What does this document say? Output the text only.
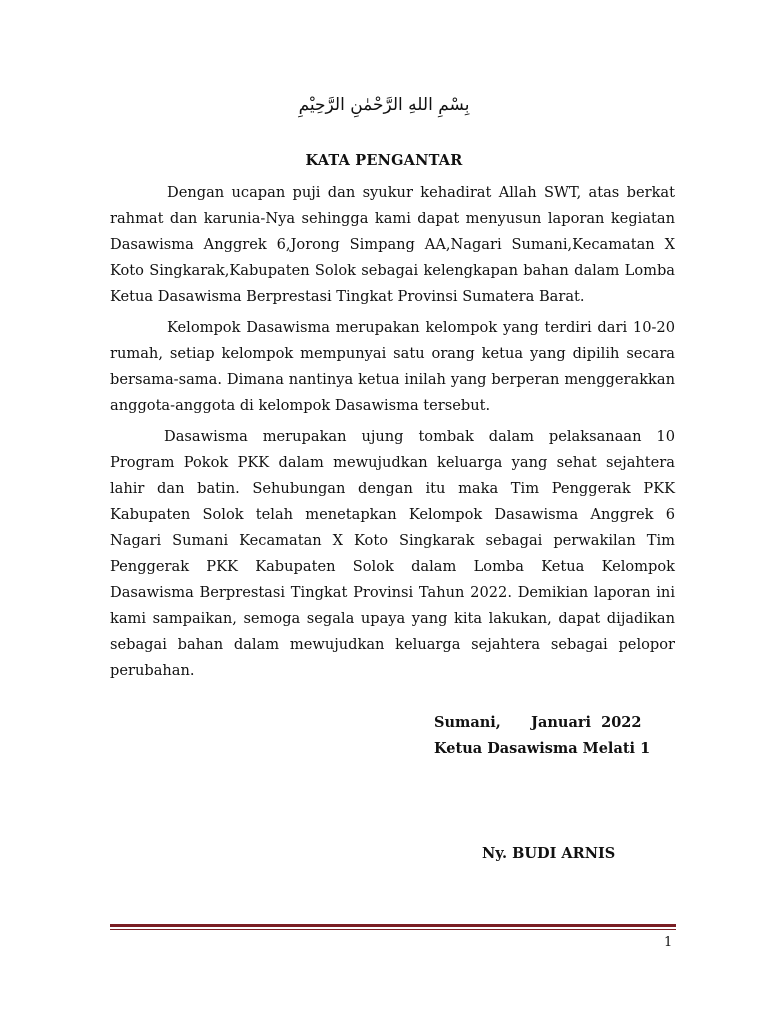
بِسْمِ اللهِ الرَّحْمٰنِ الرَّحِيْمِ
KATA PENGANTAR

Dengan ucapan puji dan syukur kehadirat Allah SWT, atas berkat rahmat dan karunia-Nya sehingga kami dapat menyusun laporan kegiatan Dasawisma Anggrek 6,Jorong Simpang AA,Nagari Sumani,Kecamatan X Koto Singkarak,Kabupaten Solok sebagai kelengkapan bahan dalam Lomba Ketua Dasawisma Berprestasi Tingkat Provinsi Sumatera Barat.

Kelompok Dasawisma merupakan kelompok yang terdiri dari 10-20 rumah, setiap kelompok mempunyai satu orang ketua yang dipilih secara bersama-sama. Dimana nantinya ketua inilah yang berperan menggerakkan anggota-anggota di kelompok Dasawisma tersebut.

Dasawisma merupakan ujung tombak dalam pelaksanaan 10 Program Pokok PKK dalam mewujudkan keluarga yang sehat sejahtera lahir dan batin. Sehubungan dengan itu maka Tim Penggerak PKK Kabupaten Solok telah menetapkan Kelompok Dasawisma Anggrek 6 Nagari Sumani Kecamatan X Koto Singkarak sebagai perwakilan Tim Penggerak PKK Kabupaten Solok dalam Lomba Ketua Kelompok Dasawisma Berprestasi Tingkat Provinsi Tahun 2022. Demikian laporan ini kami sampaikan, semoga segala upaya yang kita lakukan, dapat dijadikan sebagai bahan dalam mewujudkan keluarga sejahtera sebagai pelopor perubahan.

Sumani,      Januari  2022
Ketua Dasawisma Melati 1
Ny. BUDI ARNIS
1
